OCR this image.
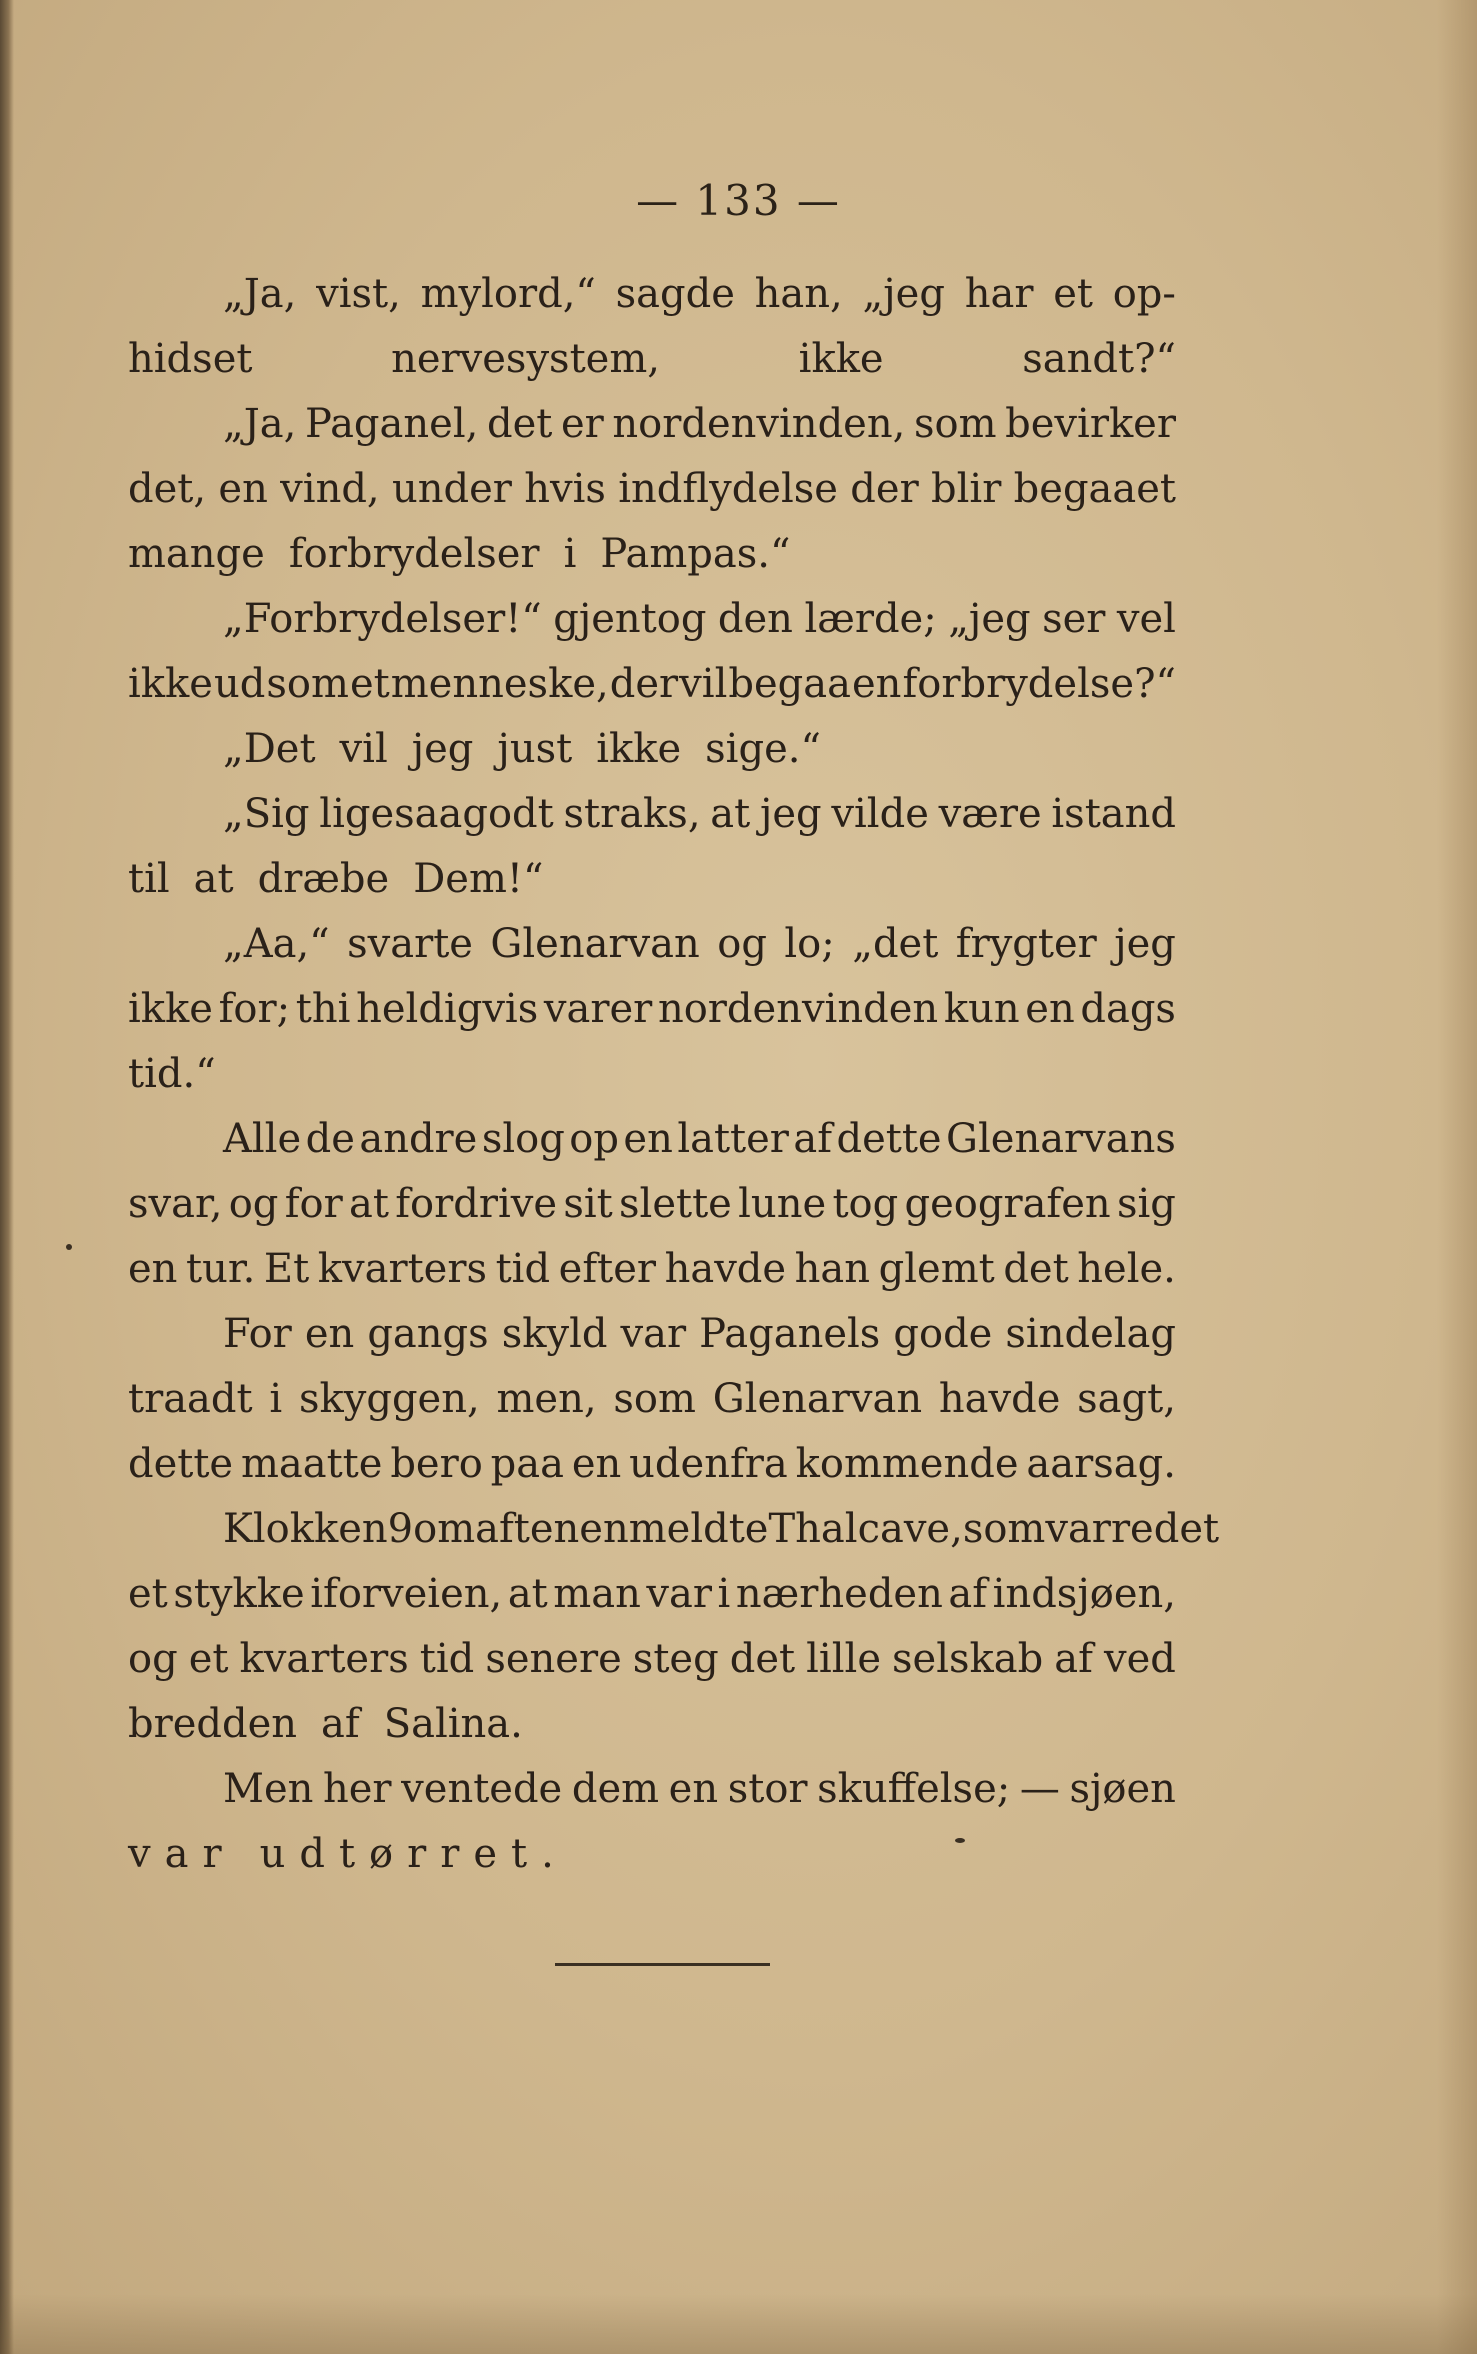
— 133 —
„Ja, vist, mylord,“ sagde han, „jeg har et op-
hidset	nervesystem,	ikke	sandt?“
„Ja, Paganel, det er nordenvinden, som bevirker
det, en vind, under hvis indflydelse der blir begaaet
mange forbrydelser i Pampas.“
„Forbrydelser!“ gjentog den lærde; „jeg ser vel
ikke ud som et menneske, der vil begaa en forbrydelse?“
„Det vil jeg just ikke sige.“
„Sig ligesaagodt straks, at jeg vilde være istand
til at dræbe Dem!“
„Aa,“ svarte Glenarvan og lo; „det frygter jeg
ikke for; thi heldigvis varer nordenvinden kun en dags
tid.“
Alle de andre slog op en latter af dette Glenarvans
svar, og for at fordrive sit slette lune tog geografen sig
en tur. Et kvarters tid efter havde han glemt det hele.
For en gangs skyld var Paganels gode sindelag
traadt i skyggen, men, som Glenarvan havde sagt,
dette maatte bero paa en udenfra kommende aarsag.
Klokken 9 om aftenen meldte Thalcave, som var redet
et stykke iforveien, at man var i nærheden af indsjøen,
og et kvarters tid senere steg det lille selskab af ved
bredden af Salina.
Men her ventede dem en stor skuffelse; — sjøen
var udtørret.
